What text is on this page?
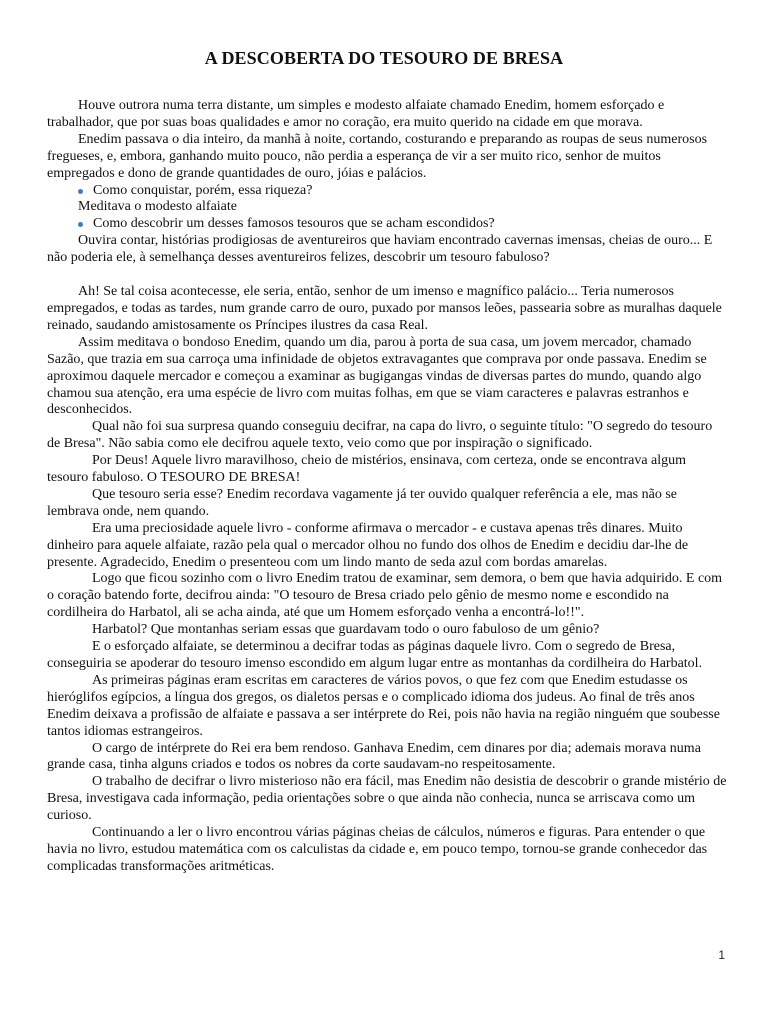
A DESCOBERTA DO TESOURO DE BRESA

Houve outrora numa terra distante, um simples e modesto alfaiate chamado Enedim, homem esforçado e trabalhador, que por suas boas qualidades e amor no coração, era muito querido na cidade em que morava.

Enedim passava o dia inteiro, da manhã à noite, cortando, costurando e preparando as roupas de seus numerosos fregueses, e, embora, ganhando muito pouco, não perdia a esperança de vir a ser muito rico, senhor de muitos empregados e dono de grande quantidades de ouro, jóias e palácios.

Como conquistar, porém, essa riqueza?

Meditava o modesto alfaiate

Como descobrir um desses famosos tesouros que se acham escondidos?

Ouvira contar, histórias prodigiosas de aventureiros que haviam encontrado cavernas imensas, cheias de ouro... E não poderia ele, à semelhança desses aventureiros felizes, descobrir um tesouro fabuloso?

Ah! Se tal coisa acontecesse, ele seria, então, senhor de um imenso e magnífico palácio... Teria numerosos empregados, e todas as tardes, num grande carro de ouro, puxado por mansos leões, passearia sobre as muralhas daquele reinado, saudando amistosamente os Príncipes ilustres da casa Real.

Assim meditava o bondoso Enedim, quando um dia, parou à porta de sua casa, um jovem mercador, chamado Sazão, que trazia em sua carroça uma infinidade de objetos extravagantes que comprava por onde passava. Enedim se aproximou daquele mercador e começou a examinar as bugigangas vindas de diversas partes do mundo, quando algo chamou sua atenção, era uma espécie de livro com muitas folhas, em que se viam caracteres e palavras estranhos e desconhecidos.

Qual não foi sua surpresa quando conseguiu decifrar, na capa do livro, o seguinte título: "O segredo do tesouro de Bresa". Não sabia como ele decifrou aquele texto, veio como que por inspiração o significado.

Por Deus! Aquele livro maravilhoso, cheio de mistérios, ensinava, com certeza, onde se encontrava algum tesouro fabuloso. O TESOURO DE BRESA!

Que tesouro seria esse? Enedim recordava vagamente já ter ouvido qualquer referência a ele, mas não se lembrava onde, nem quando.

Era uma preciosidade aquele livro - conforme afirmava o mercador - e custava apenas três dinares. Muito dinheiro para aquele alfaiate, razão pela qual o mercador olhou no fundo dos olhos de Enedim e decidiu dar-lhe de presente. Agradecido, Enedim o presenteou com um lindo manto de seda azul com bordas amarelas.

Logo que ficou sozinho com o livro Enedim tratou de examinar, sem demora, o bem que havia adquirido. E com o coração batendo forte, decifrou ainda: "O tesouro de Bresa criado pelo gênio de mesmo nome e escondido na cordilheira do Harbatol, ali se acha ainda, até que um Homem esforçado venha a encontrá-lo!!".

Harbatol? Que montanhas seriam essas que guardavam todo o ouro fabuloso de um gênio?

E o esforçado alfaiate, se determinou a decifrar todas as páginas daquele livro. Com o segredo de Bresa, conseguiria se apoderar do tesouro imenso escondido em algum lugar entre as montanhas da cordilheira do Harbatol.

As primeiras páginas eram escritas em caracteres de vários povos, o que fez com que Enedim estudasse os hieróglifos egípcios, a língua dos gregos, os dialetos persas e o complicado idioma dos judeus. Ao final de três anos Enedim deixava a profissão de alfaiate e passava a ser intérprete do Rei, pois não havia na região ninguém que soubesse tantos idiomas estrangeiros.

O cargo de intérprete do Rei era bem rendoso. Ganhava Enedim, cem dinares por dia; ademais morava numa grande casa, tinha alguns criados e todos os nobres da corte saudavam-no respeitosamente.

O trabalho de decifrar o livro misterioso não era fácil, mas Enedim não desistia de descobrir o grande mistério de Bresa, investigava cada informação, pedia orientações sobre o que ainda não conhecia, nunca se arriscava como um curioso.

Continuando a ler o livro encontrou várias páginas cheias de cálculos, números e figuras. Para entender o que havia no livro, estudou matemática com os calculistas da cidade e, em pouco tempo, tornou-se grande conhecedor das complicadas transformações aritméticas.

1
